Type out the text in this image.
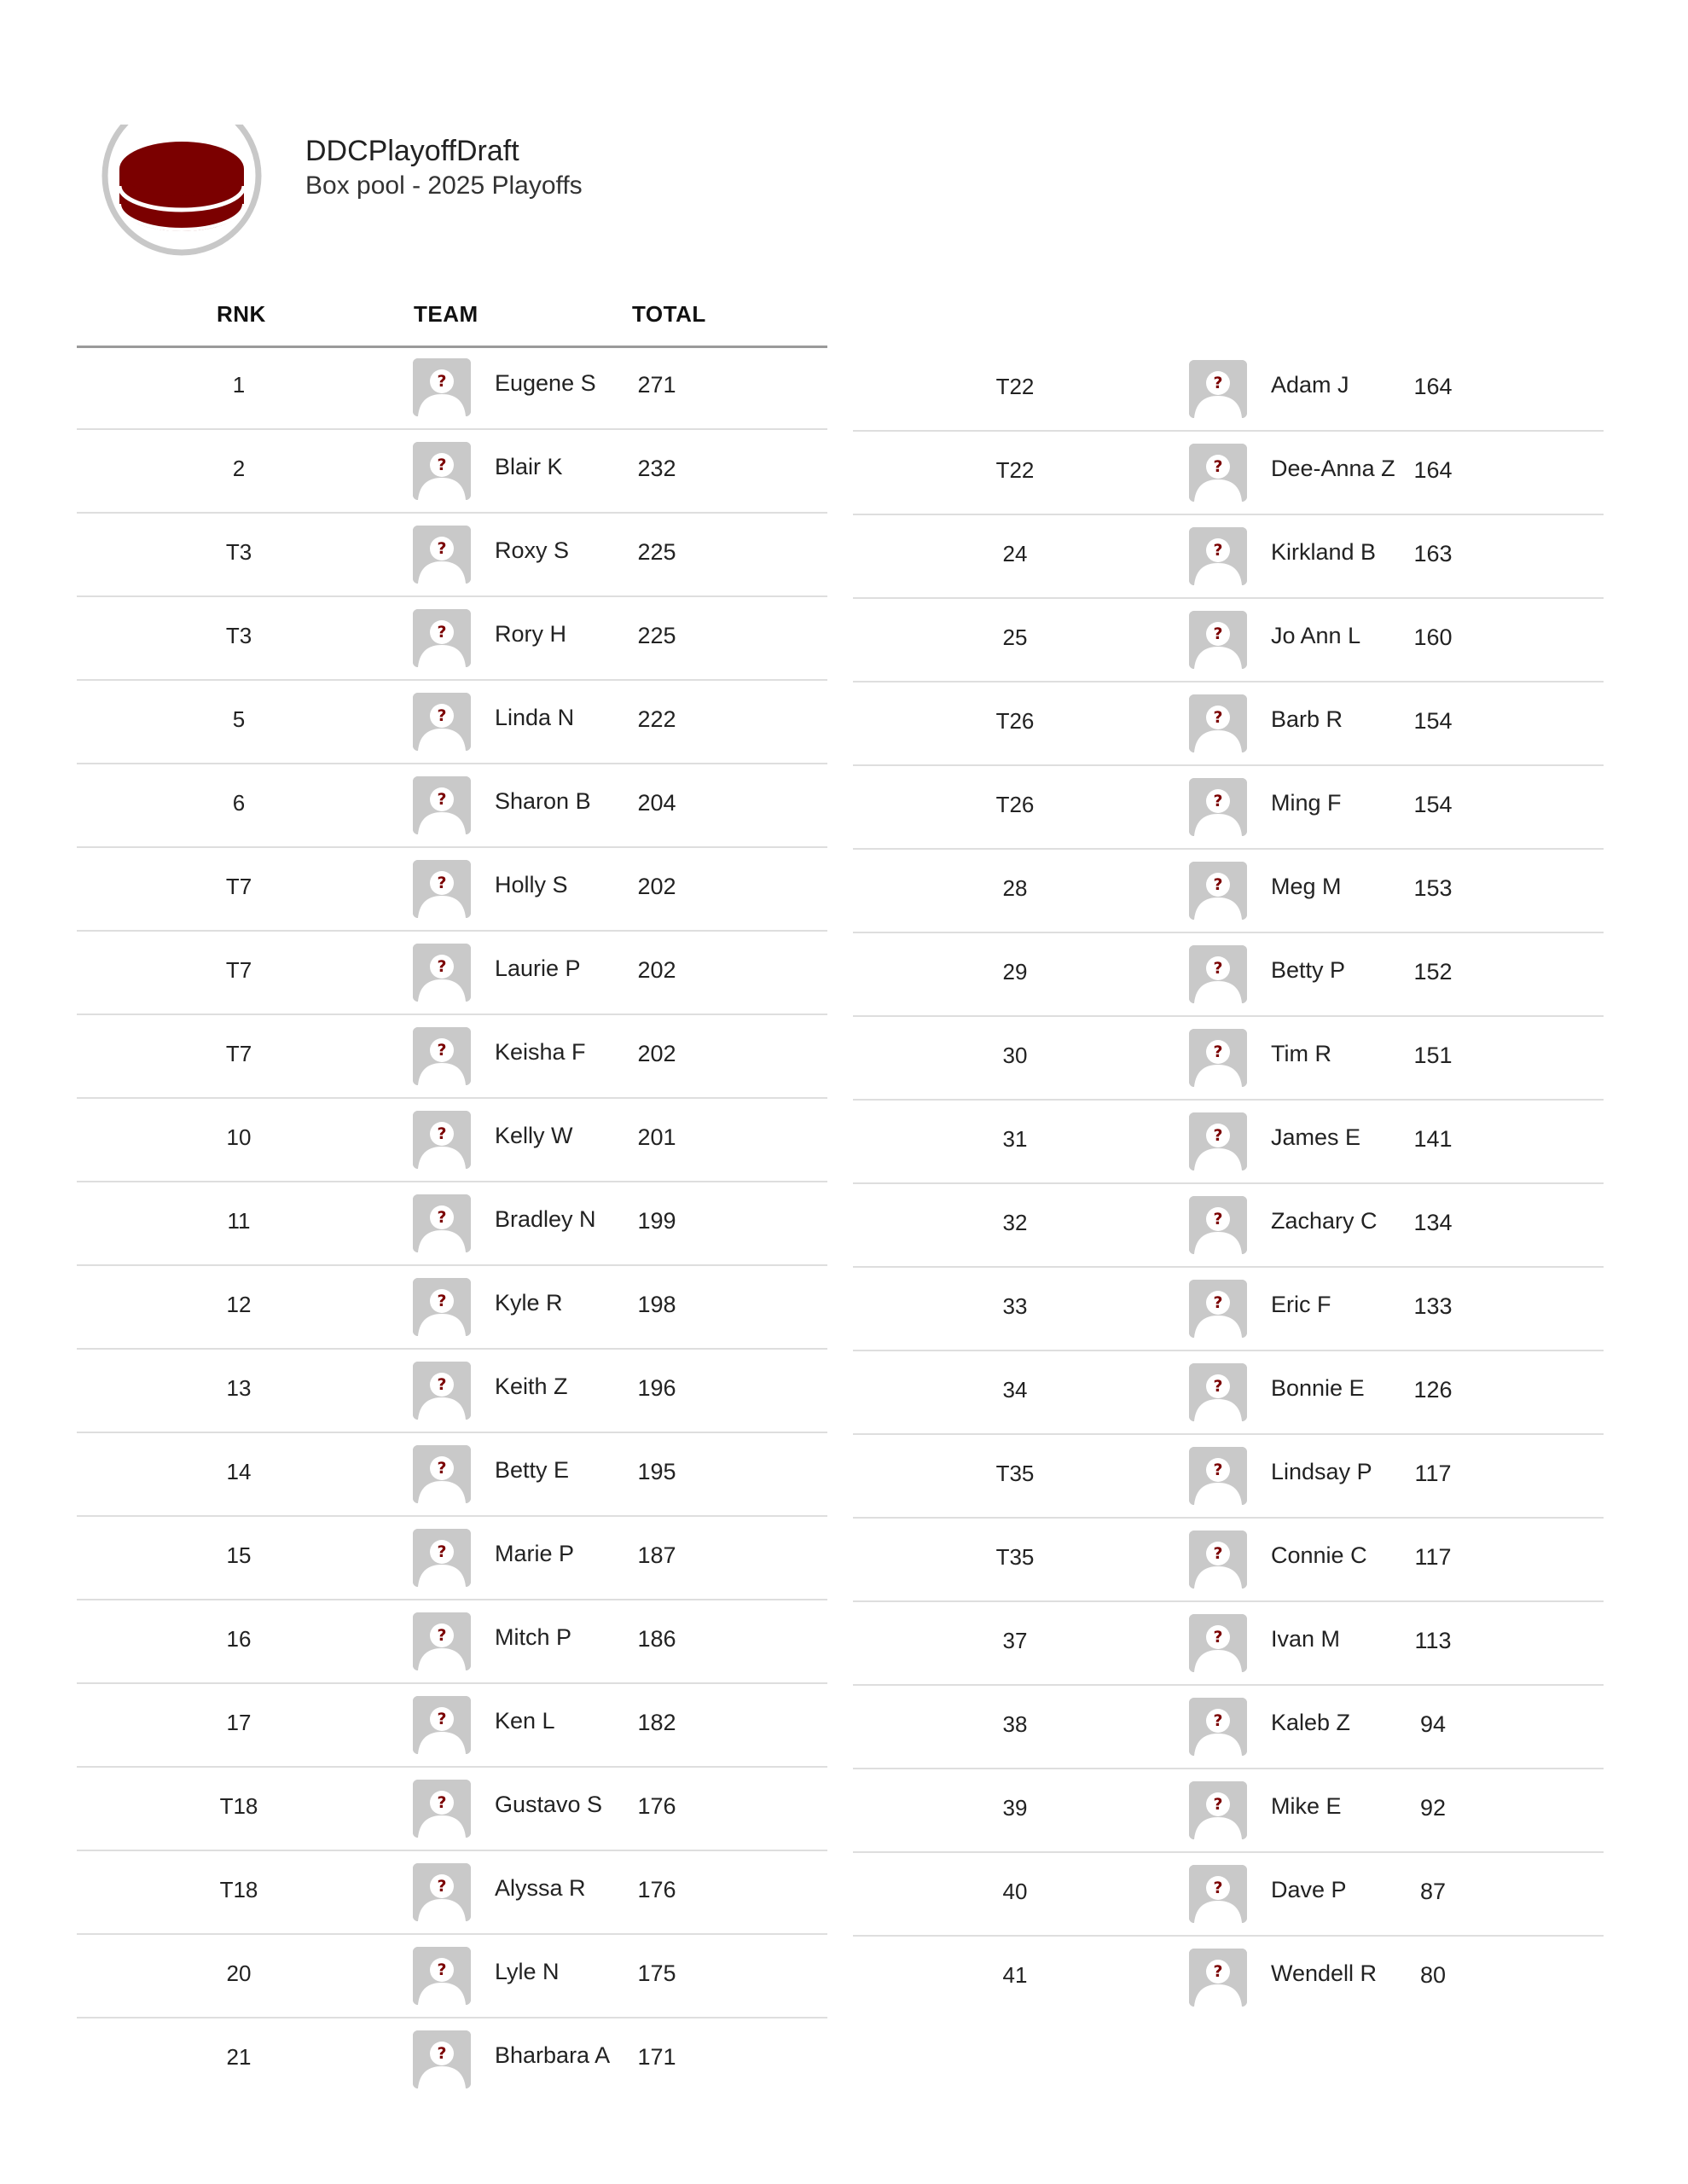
DDCPlayoffDraft
Box pool - 2025 Playoffs
RNK	TEAM	TOTAL
1	? Eugene S	271
2	? Blair K	232
T3	? Roxy S	225
T3	? Rory H	225
5	? Linda N	222
6	? Sharon B	204
T7	? Holly S	202
T7	? Laurie P	202
T7	? Keisha F	202
10	? Kelly W	201
11	? Bradley N	199
12	? Kyle R	198
13	? Keith Z	196
14	? Betty E	195
15	? Marie P	187
16	? Mitch P	186
17	? Ken L	182
T18	? Gustavo S	176
T18	? Alyssa R	176
20	? Lyle N	175
21	? Bharbara A	171
T22	? Adam J	164
T22	? Dee-Anna Z 164
24	? Kirkland B	163
25	? Jo Ann L	160
T26	? Barb R	154
T26	? Ming F	154
28	? Meg M	153
29	? Betty P	152
30	? Tim R	151
31	? James E	141
32	? Zachary C	134
33	? Eric F	133
34	? Bonnie E	126
T35	? Lindsay P	117
T35	? Connie C	117
37	? Ivan M	113
38	? Kaleb Z	94
39	? Mike E	92
40	? Dave P	87
41	? Wendell R	80
